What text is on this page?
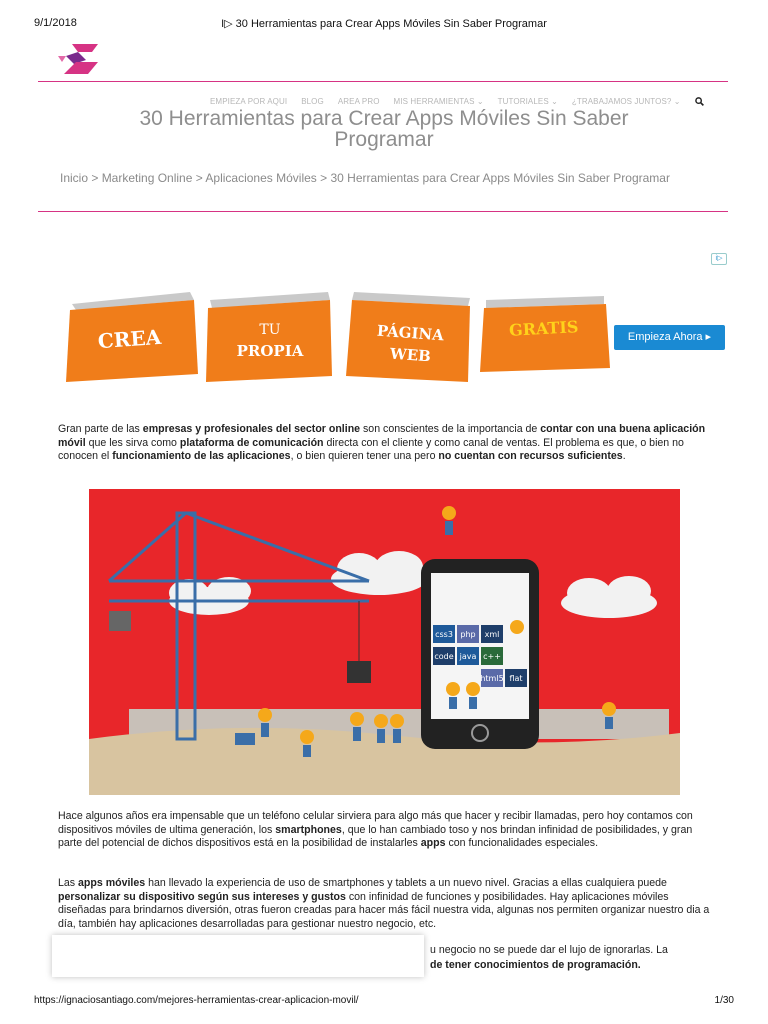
9/1/2018	I▷ 30 Herramientas para Crear Apps Móviles Sin Saber Programar
EMPIEZA POR AQUI BLOG AREA PRO MIS HERRAMIENTAS ⌄ TUTORIALES ⌄ ¿TRABAJAMOS JUNTOS? ⌄
30 Herramientas para Crear Apps Móviles Sin Saber Programar
Inicio > Marketing Online > Aplicaciones Móviles > 30 Herramientas para Crear Apps Móviles Sin Saber Programar
i▷
CREA	TU
PROPIA
PÁGINA
WEB
GRATIS	Empieza Ahora ▸

Gran parte de las empresas y profesionales del sector online son conscientes de la importancia de contar con una buena aplicación móvil que les sirva como plataforma de comunicación directa con el cliente y como canal de ventas. El problema es que, o bien no conocen el funcionamiento de las aplicaciones, o bien quieren tener una pero no cuentan con recursos suficientes.

css3 php xml
code java c++
html5 flat

Hace algunos años era impensable que un teléfono celular sirviera para algo más que hacer y recibir llamadas, pero hoy contamos con dispositivos móviles de ultima generación, los smartphones, que lo han cambiado toso y nos brindan infinidad de posibilidades, y gran parte del potencial de dichos dispositivos está en la posibilidad de instalarles apps con funcionalidades especiales.

Las apps móviles han llevado la experiencia de uso de smartphones y tablets a un nuevo nivel. Gracias a ellas cualquiera puede personalizar su dispositivo según sus intereses y gustos con infinidad de funciones y posibilidades. Hay aplicaciones móviles diseñadas para brindarnos diversión, otras fueron creadas para hacer más fácil nuestra vida, algunas nos permiten organizar nuestro dia a día, también hay aplicaciones desarrolladas para gestionar nuestro negocio, etc.

u negocio no se puede dar el lujo de ignorarlas. La
de tener conocimientos de programación.
https://ignaciosantiago.com/mejores-herramientas-crear-aplicacion-movil/	1/30
